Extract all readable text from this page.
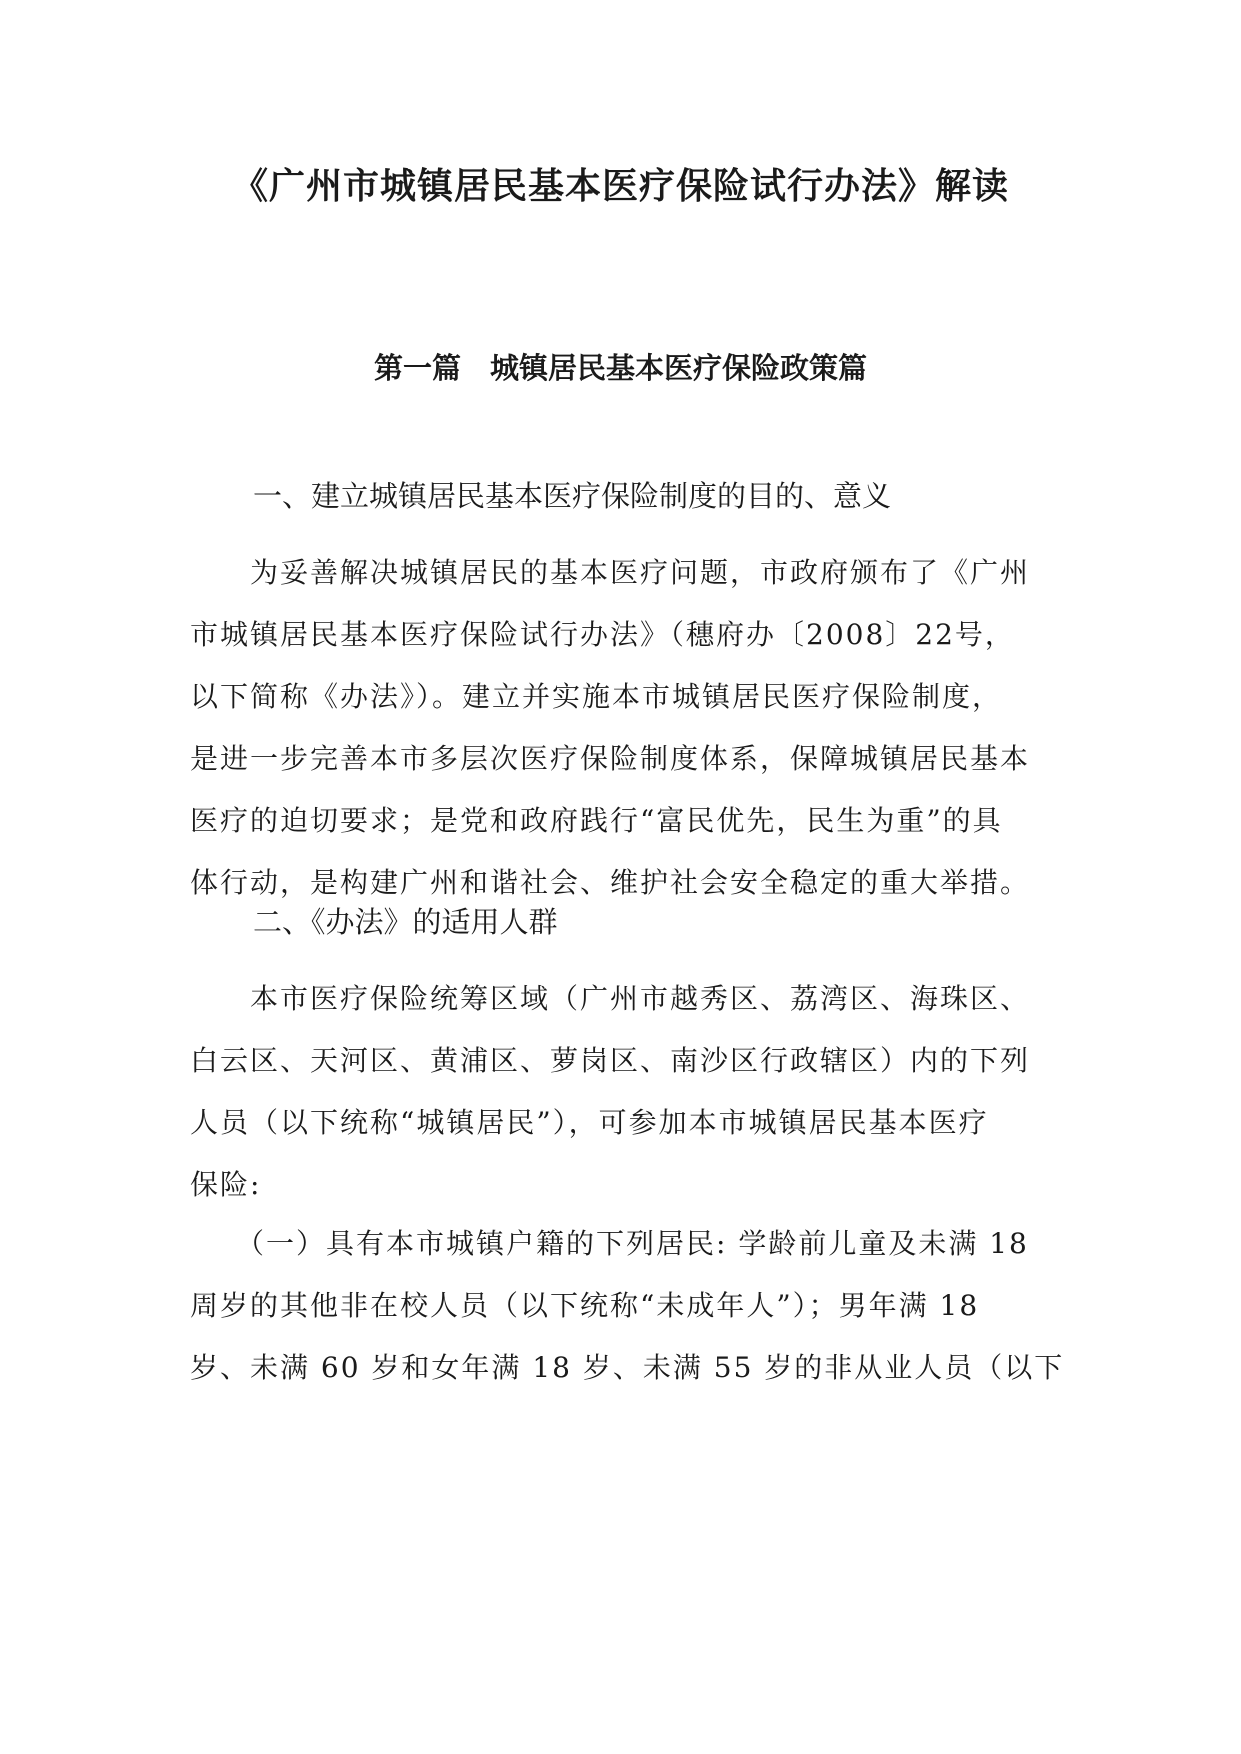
《广州市城镇居民基本医疗保险试行办法》解读
第一篇　城镇居民基本医疗保险政策篇
一、建立城镇居民基本医疗保险制度的目的、意义
　　为妥善解决城镇居民的基本医疗问题，市政府颁布了《广州
市城镇居民基本医疗保险试行办法》（穗府办〔2008〕22号，
以下简称《办法》）。建立并实施本市城镇居民医疗保险制度，
是进一步完善本市多层次医疗保险制度体系，保障城镇居民基本
医疗的迫切要求；是党和政府践行“富民优先，民生为重”的具
体行动，是构建广州和谐社会、维护社会安全稳定的重大举措。
二、《办法》的适用人群
　　本市医疗保险统筹区域（广州市越秀区、荔湾区、海珠区、
白云区、天河区、黄浦区、萝岗区、南沙区行政辖区）内的下列
人员（以下统称“城镇居民”），可参加本市城镇居民基本医疗
保险:
　　（一）具有本市城镇户籍的下列居民: 学龄前儿童及未满 18
周岁的其他非在校人员（以下统称“未成年人”）；男年满 18
岁、未满 60 岁和女年满 18 岁、未满 55 岁的非从业人员（以下
